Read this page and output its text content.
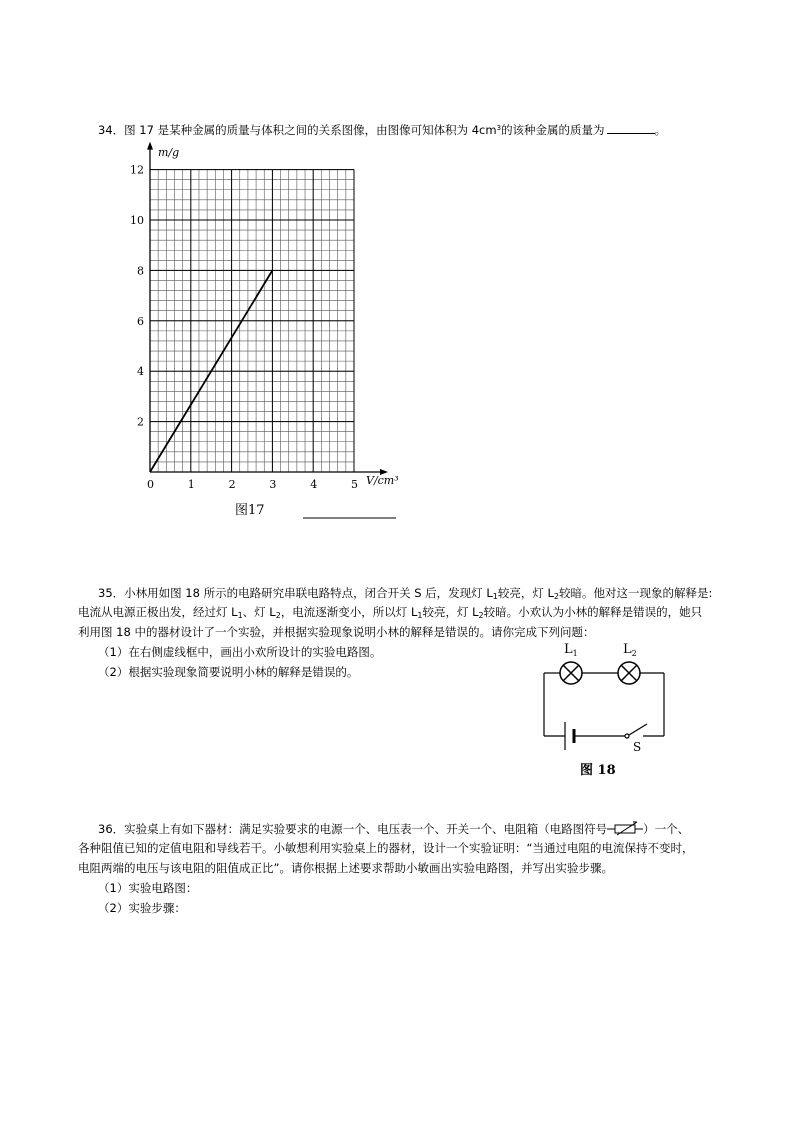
34．图 17 是某种金属的质量与体积之间的关系图像，由图像可知体积为 $4cm^3$的该种金属的质量为	。
0	1	2	3	4	5
2
4
6
8
10
12
m/g
V/cm³
图17
35．小林用如图 18 所示的电路研究串联电路特点，闭合开关 S 后，发现灯 $L_1$较亮，灯 $L_2$较暗。他对这一现象的解释是:
电流从电源正极出发，经过灯 $L_1$、灯 $L_2$，电流逐渐变小，所以灯 $L_1$较亮，灯 $L_2$较暗。小欢认为小林的解释是错误的，她只
利用图 18 中的器材设计了一个实验，并根据实验现象说明小林的解释是错误的。请你完成下列问题：
（1）在右侧虚线框中，画出小欢所设计的实验电路图。
（2）根据实验现象简要说明小林的解释是错误的。
$L_1$	$L_2$
S
图 18
36．实验桌上有如下器材：满足实验要求的电源一个、电压表一个、开关一个、电阻箱（电路图符号	）一个、
各种阻值已知的定值电阻和导线若干。小敏想利用实验桌上的器材，设计一个实验证明：“当通过电阻的电流保持不变时，
电阻两端的电压与该电阻的阻值成正比”。请你根据上述要求帮助小敏画出实验电路图，并写出实验步骤。
（1）实验电路图：
（2）实验步骤：
